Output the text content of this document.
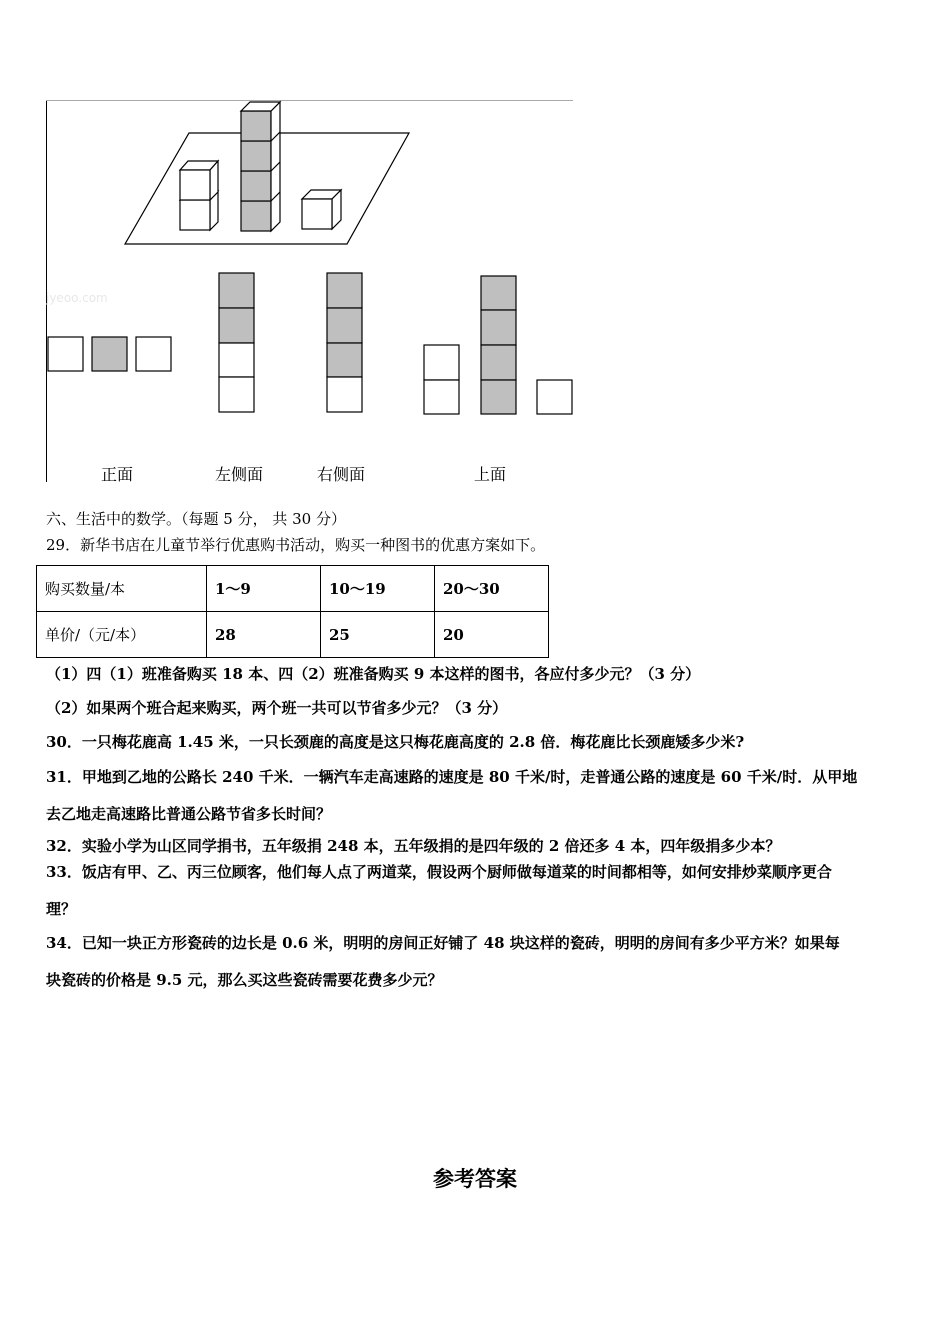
jyeoo.com
正面	左侧面	右侧面	上面
六、生活中的数学。（每题 5 分， 共 30 分）
29．新华书店在儿童节举行优惠购书活动，购买一种图书的优惠方案如下。
购买数量/本	1～9	10～19	20～30
单价/（元/本）	28	25	20
（1）四（1）班准备购买 18 本、四（2）班准备购买 9 本这样的图书，各应付多少元？（3 分）
（2）如果两个班合起来购买，两个班一共可以节省多少元？（3 分）
30．一只梅花鹿高 1.45 米，一只长颈鹿的高度是这只梅花鹿高度的 2.8 倍．梅花鹿比长颈鹿矮多少米?
31．甲地到乙地的公路长 240 千米．一辆汽车走高速路的速度是 80 千米/时，走普通公路的速度是 60 千米/时．从甲地
去乙地走高速路比普通公路节省多长时间？
32．实验小学为山区同学捐书，五年级捐 248 本，五年级捐的是四年级的 2 倍还多 4 本，四年级捐多少本？
33．饭店有甲、乙、丙三位顾客，他们每人点了两道菜，假设两个厨师做每道菜的时间都相等，如何安排炒菜顺序更合
理？
34．已知一块正方形瓷砖的边长是 0.6 米，明明的房间正好铺了 48 块这样的瓷砖，明明的房间有多少平方米？如果每
块瓷砖的价格是 9.5 元，那么买这些瓷砖需要花费多少元？
参考答案
